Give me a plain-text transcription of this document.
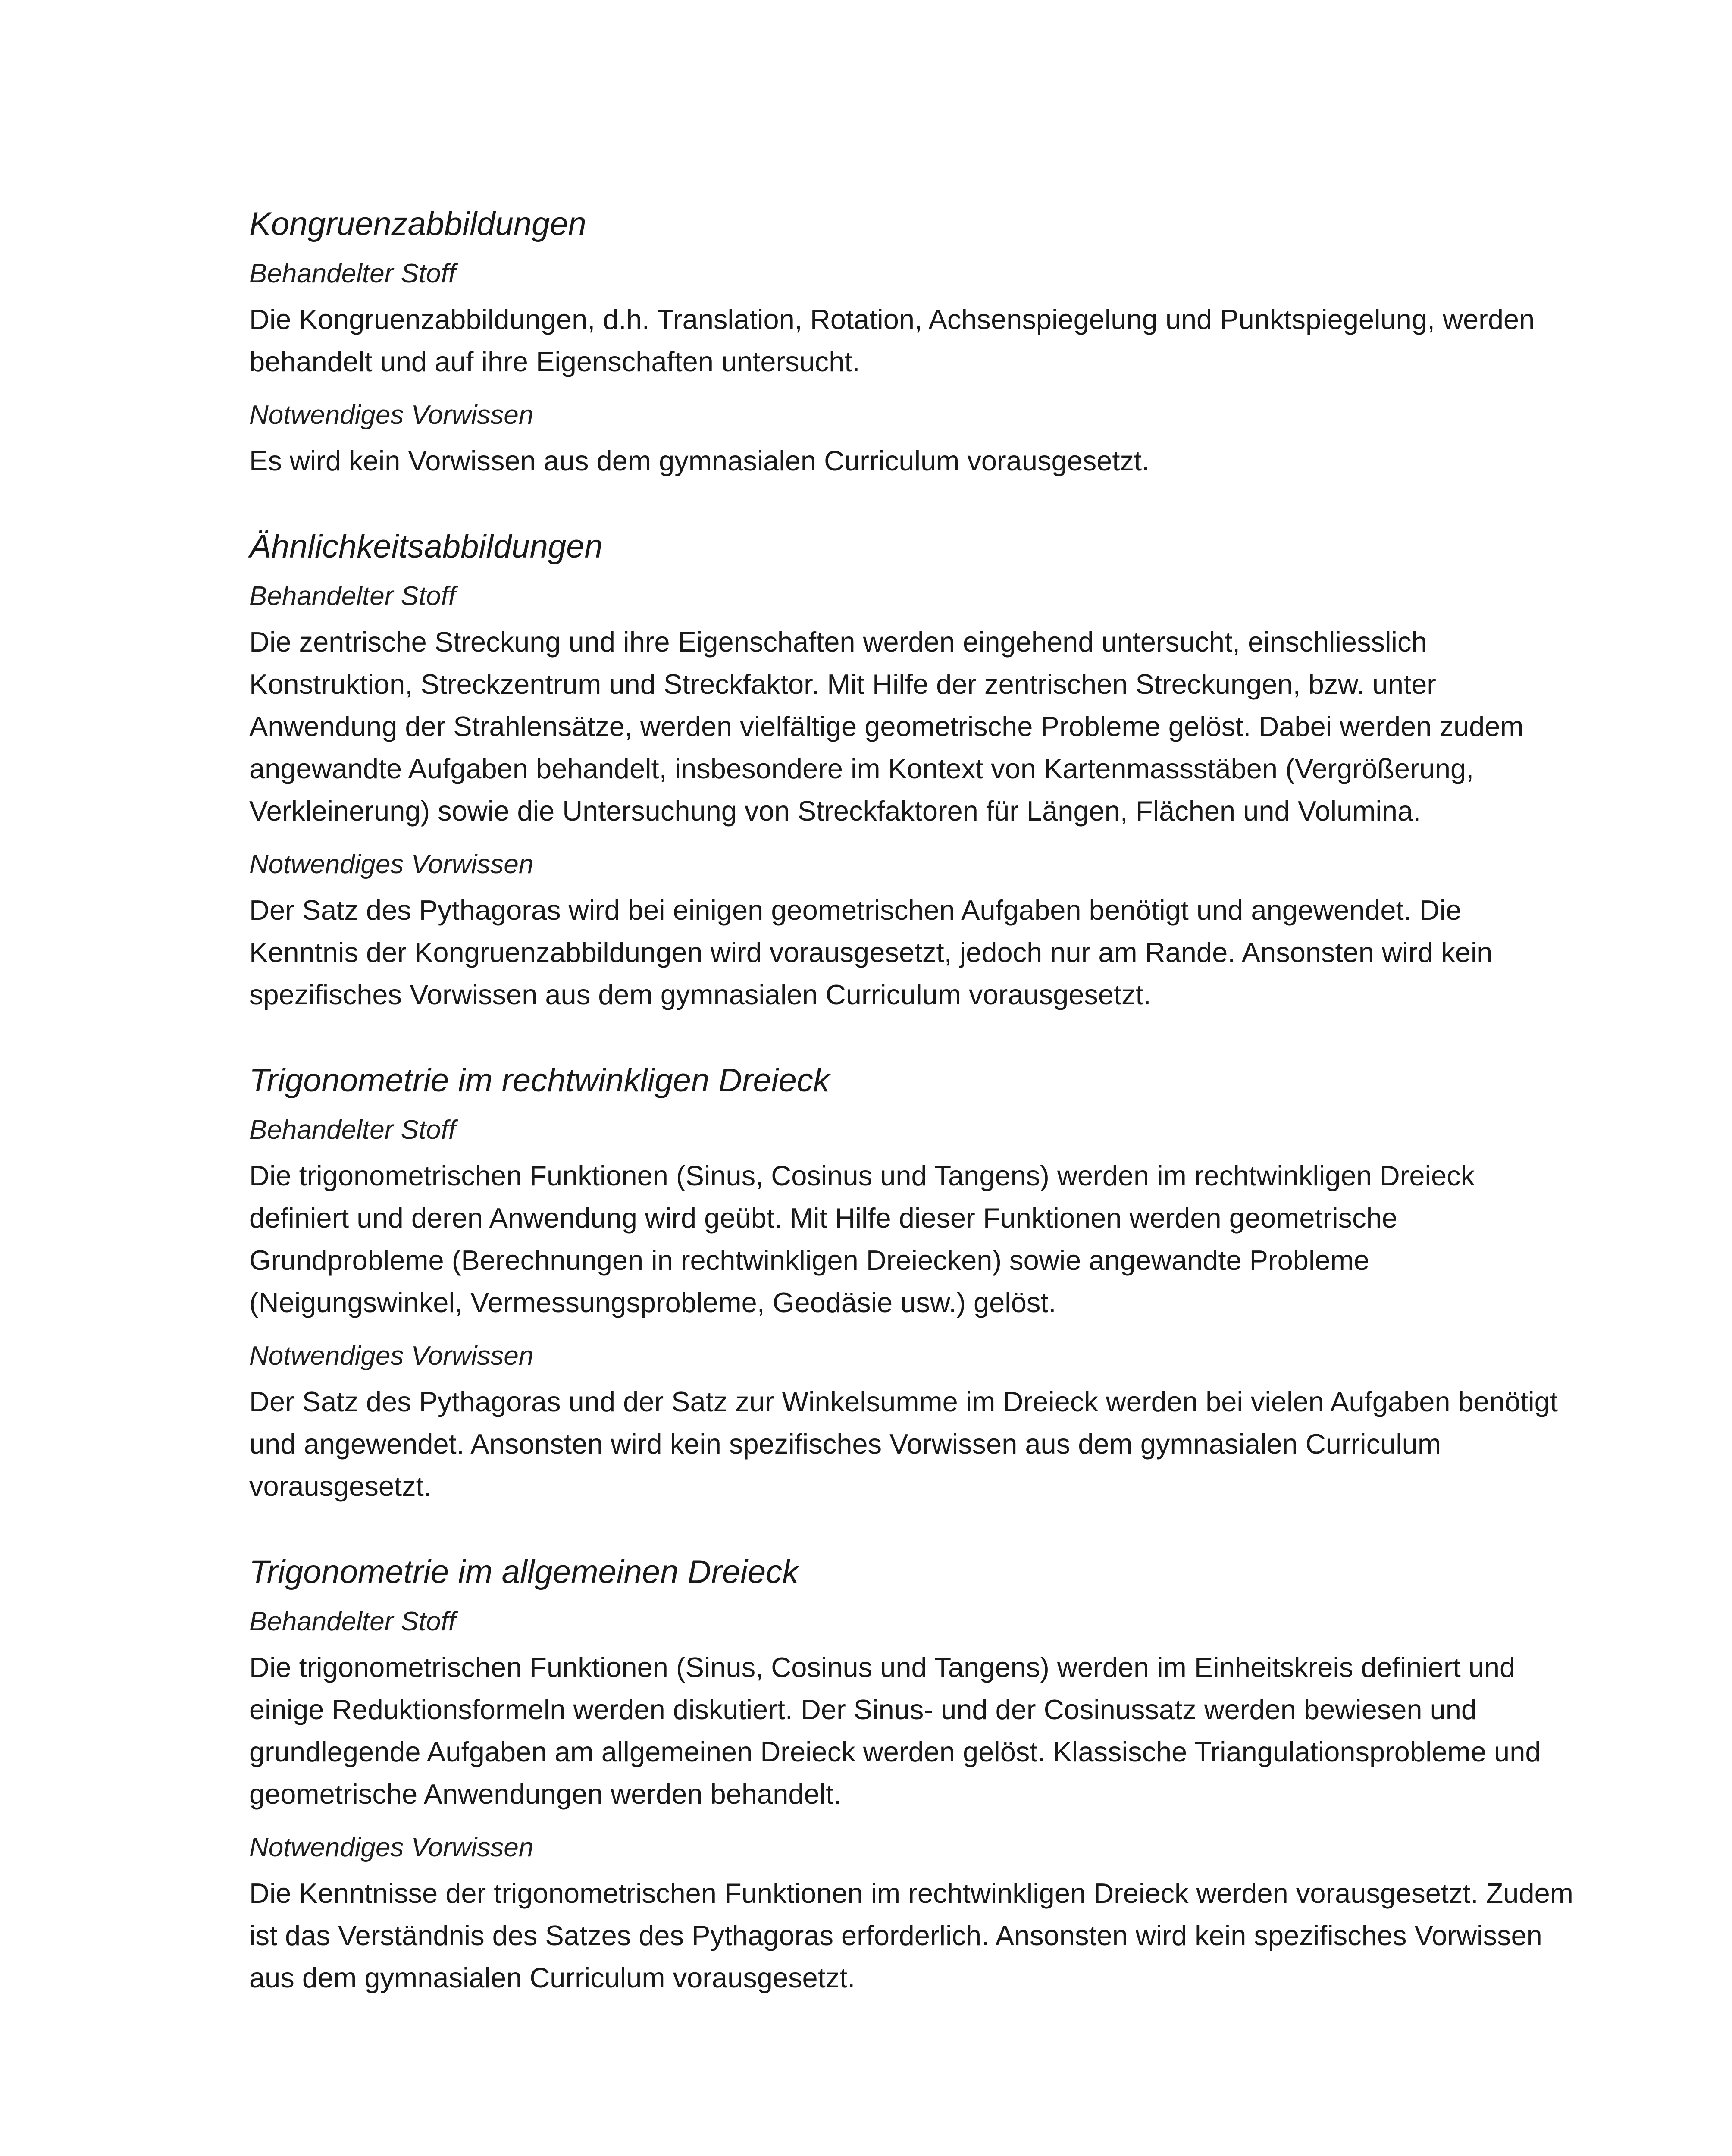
Kongruenzabbildungen
Behandelter Stoff

Die Kongruenzabbildungen, d.h. Translation, Rotation, Achsenspiegelung und Punktspiegelung, werden behandelt und auf ihre Eigenschaften untersucht.

Notwendiges Vorwissen

Es wird kein Vorwissen aus dem gymnasialen Curriculum vorausgesetzt.

Ähnlichkeitsabbildungen
Behandelter Stoff

Die zentrische Streckung und ihre Eigenschaften werden eingehend untersucht, einschliesslich Konstruktion, Streckzentrum und Streckfaktor. Mit Hilfe der zentrischen Streckungen, bzw. unter Anwendung der Strahlensätze, werden vielfältige geometrische Probleme gelöst. Dabei werden zudem angewandte Aufgaben behandelt, insbesondere im Kontext von Kartenmassstäben (Vergrößerung, Verkleinerung) sowie die Untersuchung von Streckfaktoren für Längen, Flächen und Volumina.

Notwendiges Vorwissen

Der Satz des Pythagoras wird bei einigen geometrischen Aufgaben benötigt und angewendet. Die Kenntnis der Kongruenzabbildungen wird vorausgesetzt, jedoch nur am Rande. Ansonsten wird kein spezifisches Vorwissen aus dem gymnasialen Curriculum vorausgesetzt.

Trigonometrie im rechtwinkligen Dreieck
Behandelter Stoff

Die trigonometrischen Funktionen (Sinus, Cosinus und Tangens) werden im rechtwinkligen Dreieck definiert und deren Anwendung wird geübt. Mit Hilfe dieser Funktionen werden geometrische Grundprobleme (Berechnungen in rechtwinkligen Dreiecken) sowie angewandte Probleme (Neigungswinkel, Vermessungsprobleme, Geodäsie usw.) gelöst.

Notwendiges Vorwissen

Der Satz des Pythagoras und der Satz zur Winkelsumme im Dreieck werden bei vielen Aufgaben benötigt und angewendet. Ansonsten wird kein spezifisches Vorwissen aus dem gymnasialen Curriculum vorausgesetzt.

Trigonometrie im allgemeinen Dreieck
Behandelter Stoff

Die trigonometrischen Funktionen (Sinus, Cosinus und Tangens) werden im Einheitskreis definiert und einige Reduktionsformeln werden diskutiert. Der Sinus- und der Cosinussatz werden bewiesen und grundlegende Aufgaben am allgemeinen Dreieck werden gelöst. Klassische Triangulationsprobleme und geometrische Anwendungen werden behandelt.

Notwendiges Vorwissen

Die Kenntnisse der trigonometrischen Funktionen im rechtwinkligen Dreieck werden vorausgesetzt. Zudem ist das Verständnis des Satzes des Pythagoras erforderlich. Ansonsten wird kein spezifisches Vorwissen aus dem gymnasialen Curriculum vorausgesetzt.
